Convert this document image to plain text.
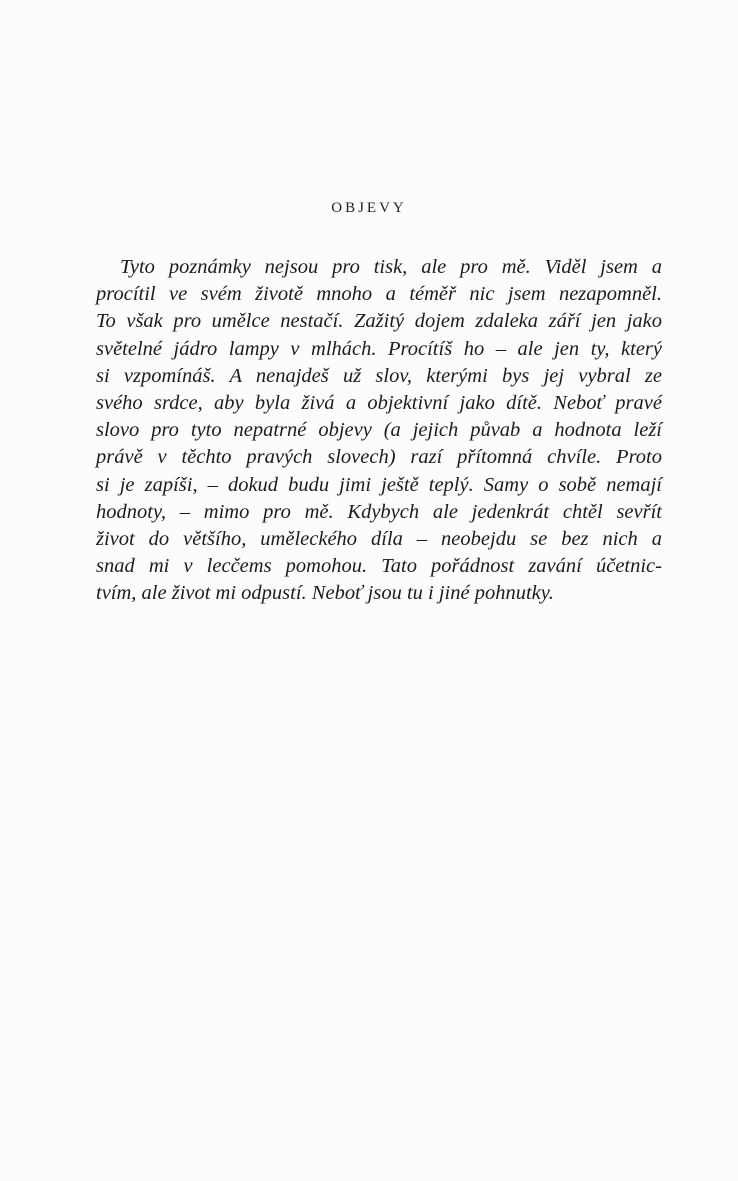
OBJEVY
Tyto poznámky nejsou pro tisk, ale pro mě. Viděl jsem a
procítil ve svém životě mnoho a téměř nic jsem nezapomněl.
To však pro umělce nestačí. Zažitý dojem zdaleka září jen jako
světelné jádro lampy v mlhách. Procítíš ho – ale jen ty, který
si vzpomínáš. A nenajdeš už slov, kterými bys jej vybral ze
svého srdce, aby byla živá a objektivní jako dítě. Neboť pravé
slovo pro tyto nepatrné objevy (a jejich půvab a hodnota leží
právě v těchto pravých slovech) razí přítomná chvíle. Proto
si je zapíši, – dokud budu jimi ještě teplý. Samy o sobě nemají
hodnoty, – mimo pro mě. Kdybych ale jedenkrát chtěl sevřít
život do většího, uměleckého díla – neobejdu se bez nich a
snad mi v lecčems pomohou. Tato pořádnost zavání účetnic-
tvím, ale život mi odpustí. Neboť jsou tu i jiné pohnutky.
